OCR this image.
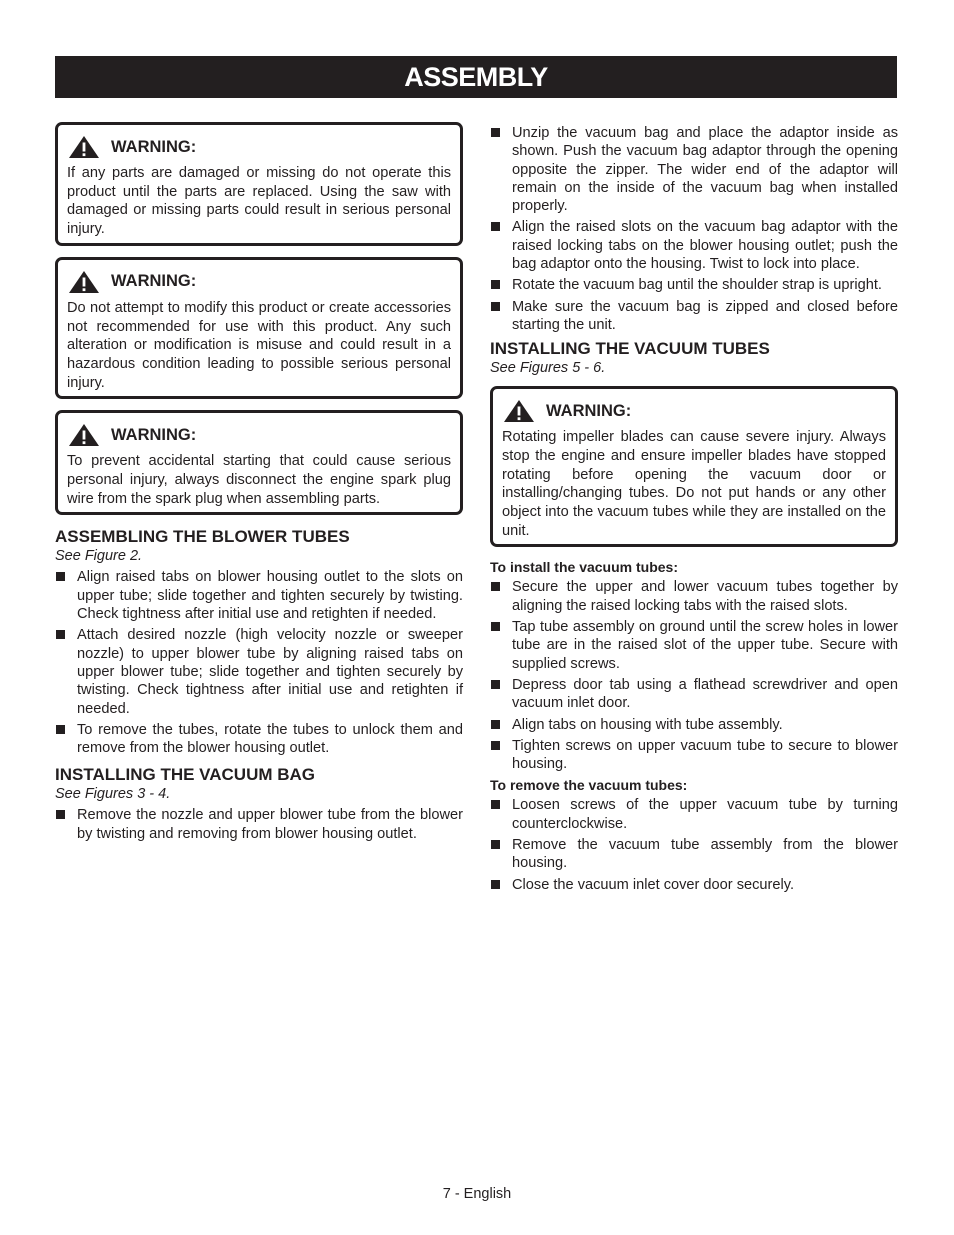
ASSEMBLY
WARNING:

If any parts are damaged or missing do not operate this product until the parts are replaced. Using the saw with damaged or missing parts could result in serious personal injury.

WARNING:

Do not attempt to modify this product or create accessories not recommended for use with this product. Any such alteration or modification is misuse and could result in a hazardous condition leading to possible serious personal injury.

WARNING:

To prevent accidental starting that could cause serious personal injury, always disconnect the engine spark plug wire from the spark plug when assembling parts.

ASSEMBLING THE BLOWER TUBES

See Figure 2.

Align raised tabs on blower housing outlet to the slots on upper tube; slide together and tighten securely by twisting. Check tightness after initial use and retighten if needed.
Attach desired nozzle (high velocity nozzle or sweeper nozzle) to upper blower tube by aligning raised tabs on upper blower tube; slide together and tighten securely by twisting. Check tightness after initial use and retighten if needed.
To remove the tubes, rotate the tubes to unlock them and remove from the blower housing outlet.
INSTALLING THE VACUUM BAG

See Figures 3 - 4.

Remove the nozzle and upper blower tube from the blower by twisting and removing from blower housing outlet.
Unzip the vacuum bag and place the adaptor inside as shown. Push the vacuum bag adaptor through the opening opposite the zipper. The wider end of the adaptor will remain on the inside of the vacuum bag when installed properly.
Align the raised slots on the vacuum bag adaptor with the raised locking tabs on the blower housing outlet; push the bag adaptor onto the housing. Twist to lock into place.
Rotate the vacuum bag until the shoulder strap is upright.
Make sure the vacuum bag is zipped and closed before starting the unit.
INSTALLING THE VACUUM TUBES

See Figures 5 - 6.

WARNING:

Rotating impeller blades can cause severe injury. Always stop the engine and ensure impeller blades have stopped rotating before opening the vacuum door or installing/changing tubes. Do not put hands or any other object into the vacuum tubes while they are installed on the unit.

To install the vacuum tubes:

Secure the upper and lower vacuum tubes together by aligning the raised locking tabs with the raised slots.
Tap tube assembly on ground until the screw holes in lower tube are in the raised slot of the upper tube. Secure with supplied screws.
Depress door tab using a flathead screwdriver and open vacuum inlet door.
Align tabs on housing with tube assembly.
Tighten screws on upper vacuum tube to secure to blower housing.

To remove the vacuum tubes:

Loosen screws of the upper vacuum tube by turning counterclockwise.
Remove the vacuum tube assembly from the blower housing.
Close the vacuum inlet cover door securely.
7 - English
